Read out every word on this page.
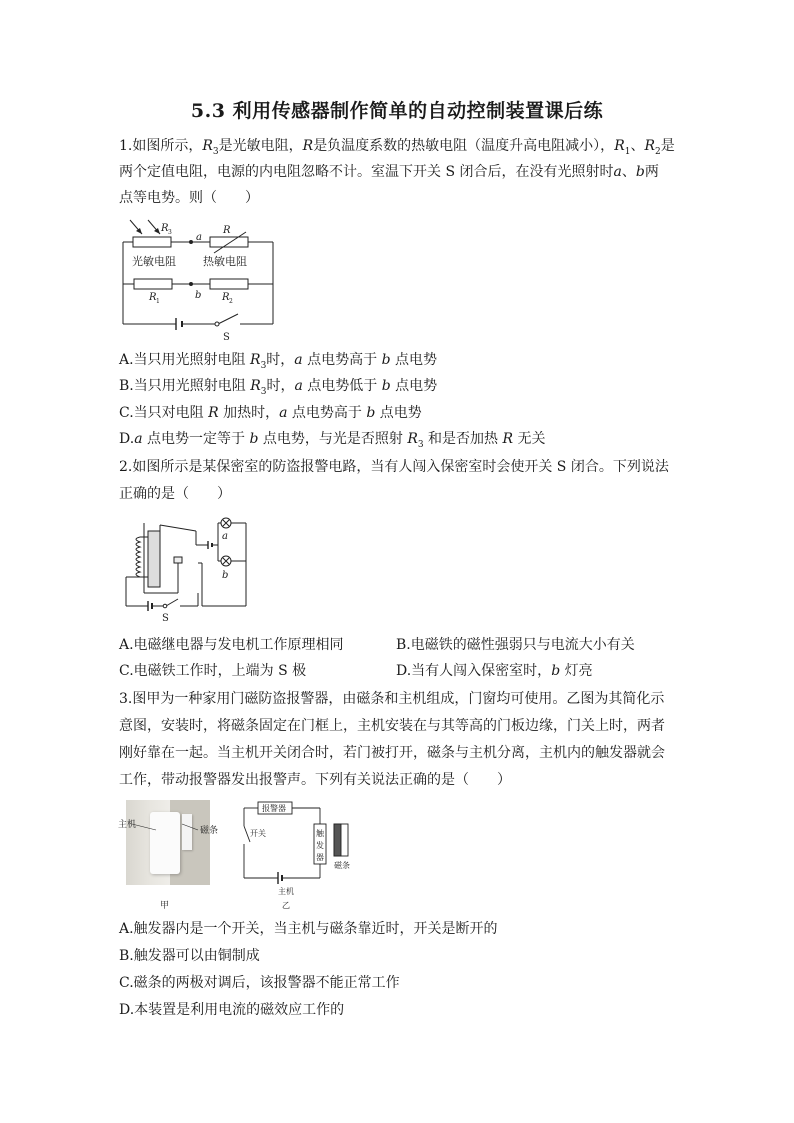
5.3 利用传感器制作简单的自动控制装置课后练
1.如图所示，$R_3$是光敏电阻，R是负温度系数的热敏电阻（温度升高电阻减小），$R_1$、$R_2$是
两个定值电阻，电源的内电阻忽略不计。室温下开关 S 闭合后，在没有光照射时a、b两
点等电势。则（　　）
R 3 a
R
光敏电阻 热敏电阻
R 1
b R 2
S
A.当只用光照射电阻 $R_3$时，a 点电势高于 b 点电势
B.当只用光照射电阻 $R_3$时，a 点电势低于 b 点电势
C.当只对电阻 R 加热时，a 点电势高于 b 点电势
D.a 点电势一定等于 b 点电势，与光是否照射 $R_3$ 和是否加热 R 无关
2.如图所示是某保密室的防盗报警电路，当有人闯入保密室时会使开关 S 闭合。下列说法
正确的是（　　）
a
b
S
A.电磁继电器与发电机工作原理相同	B.电磁铁的磁性强弱只与电流大小有关
C.电磁铁工作时，上端为 S 极	D.当有人闯入保密室时，b 灯亮
3.图甲为一种家用门磁防盗报警器，由磁条和主机组成，门窗均可使用。乙图为其简化示
意图，安装时，将磁条固定在门框上，主机安装在与其等高的门板边缘，门关上时，两者
刚好靠在一起。当主机开关闭合时，若门被打开，磁条与主机分离，主机内的触发器就会
工作，带动报警器发出报警声。下列有关说法正确的是（　　）
主机
磁条
甲
报警器
开关	触
发
器
磁条
主机
乙
A.触发器内是一个开关，当主机与磁条靠近时，开关是断开的
B.触发器可以由铜制成
C.磁条的两极对调后，该报警器不能正常工作
D.本装置是利用电流的磁效应工作的
